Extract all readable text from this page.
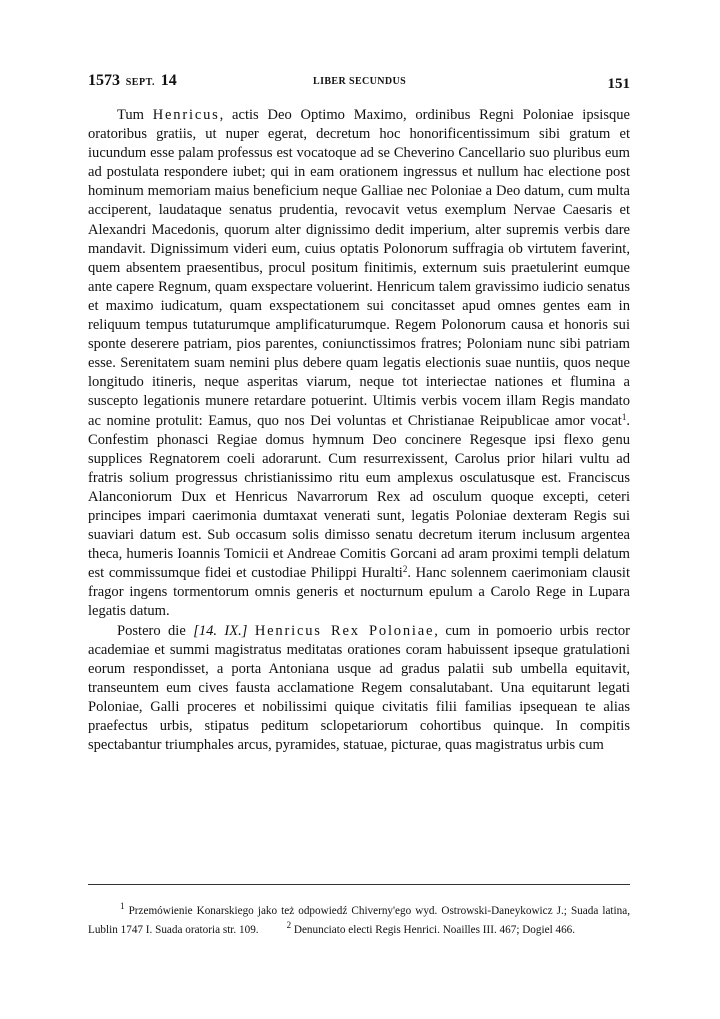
1573 SEPT. 14	LIBER SECUNDUS	151

Tum Henricus, actis Deo Optimo Maximo, ordinibus Regni Poloniae ipsisque oratoribus gratiis, ut nuper egerat, decretum hoc honorificentissimum sibi gratum et iucundum esse palam professus est vocatoque ad se Cheverino Cancellario suo pluribus eum ad postulata respondere iubet; qui in eam orationem ingressus et nullum hac electione post hominum memoriam maius beneficium neque Galliae nec Poloniae a Deo datum, cum multa acciperent, laudataque senatus prudentia, revocavit vetus exemplum Nervae Caesaris et Alexandri Macedonis, quorum alter dignissimo dedit imperium, alter supremis verbis dare mandavit. Dignissimum videri eum, cuius optatis Polonorum suffragia ob virtutem faverint, quem absentem praesentibus, procul positum finitimis, externum suis praetulerint eumque ante capere Regnum, quam exspectare voluerint. Henricum talem gravissimo iudicio senatus et maximo iudicatum, quam exspectationem sui concitasset apud omnes gentes eam in reliquum tempus tutaturumque amplificaturumque. Regem Polonorum causa et honoris sui sponte deserere patriam, pios parentes, coniunctissimos fratres; Poloniam nunc sibi patriam esse. Serenitatem suam nemini plus debere quam legatis electionis suae nuntiis, quos neque longitudo itineris, neque asperitas viarum, neque tot interiectae nationes et flumina a suscepto legationis munere retardare potuerint. Ultimis verbis vocem illam Regis mandato ac nomine protulit: Eamus, quo nos Dei voluntas et Christianae Reipublicae amor vocat$^1$. Confestim phonasci Regiae domus hymnum Deo concinere Regesque ipsi flexo genu supplices Regnatorem coeli adorarunt. Cum resurrexissent, Carolus prior hilari vultu ad fratris solium progressus christianissimo ritu eum amplexus osculatusque est. Franciscus Alanconiorum Dux et Henricus Navarrorum Rex ad osculum quoque excepti, ceteri principes impari caerimonia dumtaxat venerati sunt, legatis Poloniae dexteram Regis sui suaviari datum est. Sub occasum solis dimisso senatu decretum iterum inclusum argentea theca, humeris Ioannis Tomicii et Andreae Comitis Gorcani ad aram proximi templi delatum est commissumque fidei et custodiae Philippi Huralti$^2$. Hanc solennem caerimoniam clausit fragor ingens tormentorum omnis generis et nocturnum epulum a Carolo Rege in Lupara legatis datum.

Postero die [14. IX.] Henricus Rex Poloniae, cum in pomoerio urbis rector academiae et summi magistratus meditatas orationes coram habuissent ipseque gratulationi eorum respondisset, a porta Antoniana usque ad gradus palatii sub umbella equitavit, transeuntem eum cives fausta acclamatione Regem consalutabant. Una equitarunt legati Poloniae, Galli proceres et nobilissimi quique civitatis filii familias ipsequean te alias praefectus urbis, stipatus peditum sclopetariorum cohortibus quinque. In compitis spectabantur triumphales arcus, pyramides, statuae, picturae, quas magistratus urbis cum

$^1$ Przemówienie Konarskiego jako też odpowiedź Chiverny'ego wyd. Ostrowski-Daneykowicz J.; Suada latina, Lublin 1747 I. Suada oratoria str. 109.	$^2$ Denunciato electi Regis Henrici. Noailles III. 467; Dogiel 466.
